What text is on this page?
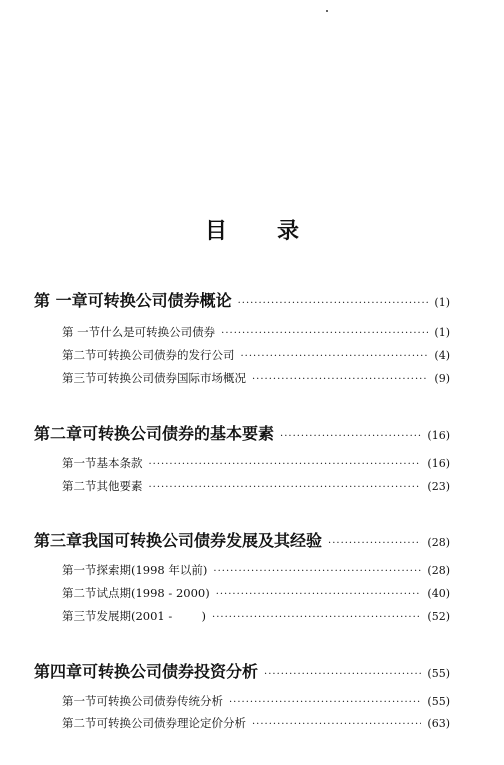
目 录
第 一章 可转换公司债券概论 ·····	(1)
第 一节 什么是可转换公司债券 ·····	(1)
第二节 可转换公司债券的发行公司 ·····	(4)
第三节 可转换公司债券国际市场概况 ·····	(9)
第二章 可转换公司债券的基本要素 ·····	(16)
第一节 基本条款 ·····	(16)
第二节 其他要素 ·····	(23)
第三章 我国可转换公司债券发展及其经验 ·····	(28)
第一节 探索期(1998 年以前) ·····	(28)
第二节 试点期(1998 - 2000) ·····	(40)
第三节 发展期(2001 -        ) ·····	(52)
第四章 可转换公司债券投资分析 ·····	(55)
第一节 可转换公司债券传统分析 ·····	(55)
第二节 可转换公司债券理论定价分析 ·····	(63)
